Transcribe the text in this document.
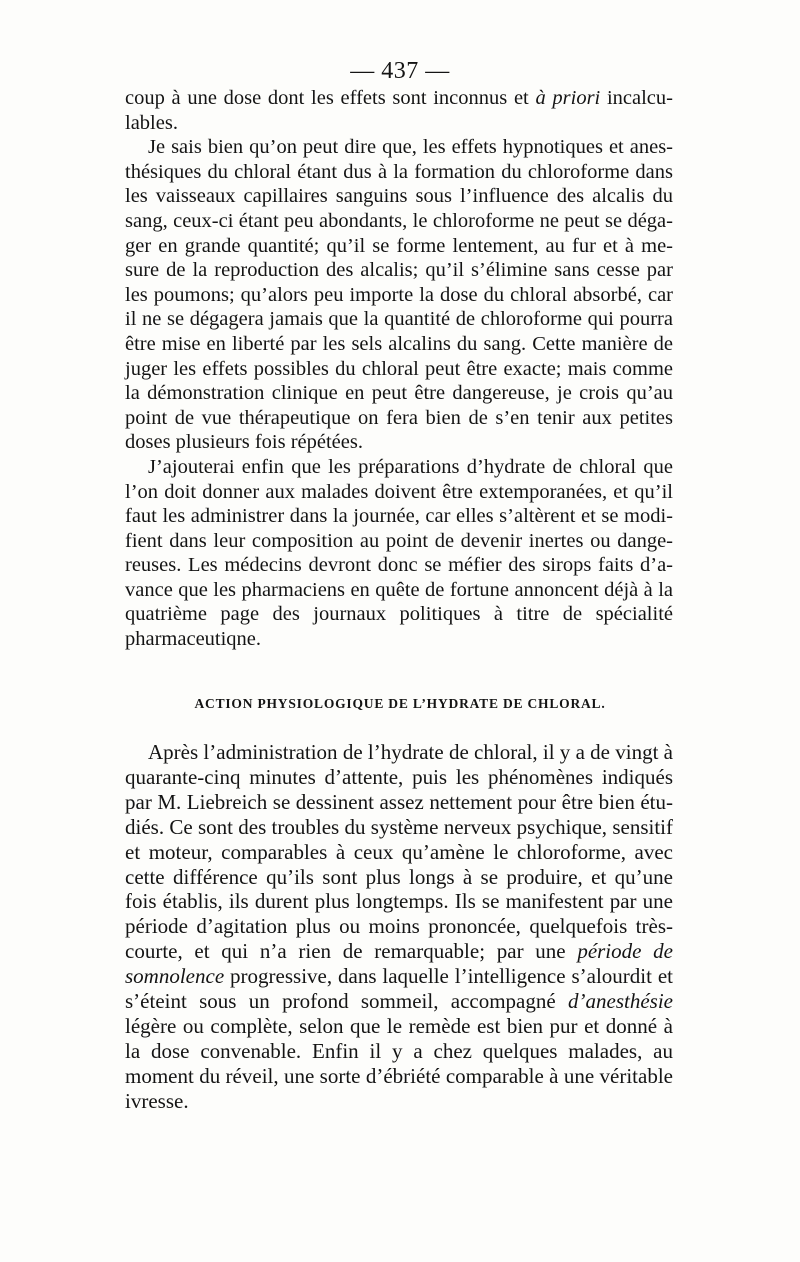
— 437 —

coup à une dose dont les effets sont inconnus et à priori incalculables.

Je sais bien qu’on peut dire que, les effets hypnotiques et anesthésiques du chloral étant dus à la formation du chloroforme dans les vaisseaux capillaires sanguins sous l’influence des alcalis du sang, ceux-ci étant peu abondants, le chloroforme ne peut se dégager en grande quantité; qu’il se forme lentement, au fur et à mesure de la reproduction des alcalis; qu’il s’élimine sans cesse par les poumons; qu’alors peu importe la dose du chloral absorbé, car il ne se dégagera jamais que la quantité de chloroforme qui pourra être mise en liberté par les sels alcalins du sang. Cette manière de juger les effets possibles du chloral peut être exacte; mais comme la démonstration clinique en peut être dangereuse, je crois qu’au point de vue thérapeutique on fera bien de s’en tenir aux petites doses plusieurs fois répétées.

J’ajouterai enfin que les préparations d’hydrate de chloral que l’on doit donner aux malades doivent être extemporanées, et qu’il faut les administrer dans la journée, car elles s’altèrent et se modifient dans leur composition au point de devenir inertes ou dangereuses. Les médecins devront donc se méfier des sirops faits d’avance que les pharmaciens en quête de fortune annoncent déjà à la quatrième page des journaux politiques à titre de spécialité pharmaceutiqne.

ACTION PHYSIOLOGIQUE DE L’HYDRATE DE CHLORAL.

Après l’administration de l’hydrate de chloral, il y a de vingt à quarante-cinq minutes d’attente, puis les phénomènes indiqués par M. Liebreich se dessinent assez nettement pour être bien étudiés. Ce sont des troubles du système nerveux psychique, sensitif et moteur, comparables à ceux qu’amène le chloroforme, avec cette différence qu’ils sont plus longs à se produire, et qu’une fois établis, ils durent plus longtemps. Ils se manifestent par une période d’agitation plus ou moins prononcée, quelquefois très-courte, et qui n’a rien de remarquable; par une période de somnolence progressive, dans laquelle l’intelligence s’alourdit et s’éteint sous un profond sommeil, accompagné d’anesthésie légère ou complète, selon que le remède est bien pur et donné à la dose convenable. Enfin il y a chez quelques malades, au moment du réveil, une sorte d’ébriété comparable à une véritable ivresse.
